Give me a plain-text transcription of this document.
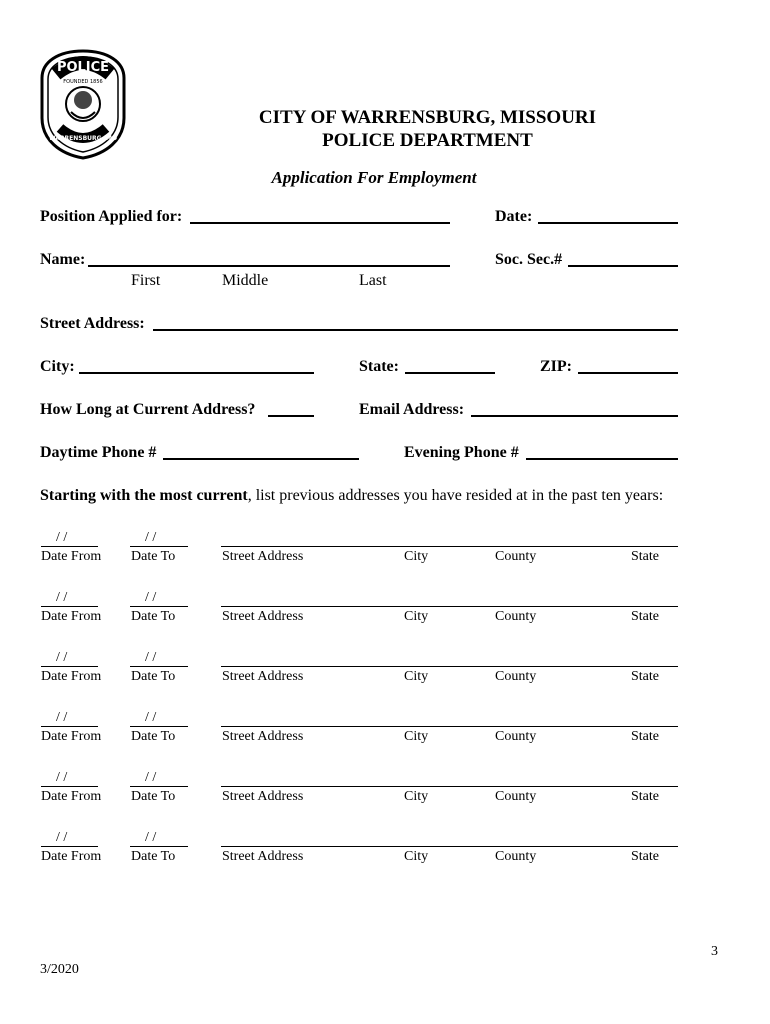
POLICE
FOUNDED 1856
WARRENSBURG, MO
CITY OF WARRENSBURG, MISSOURI
POLICE DEPARTMENT
Application For Employment
Position Applied for:	Date:
Name:	Soc. Sec.#
First	Middle	Last
Street Address:
City:	State:	ZIP:
How Long at Current Address?	Email Address:
Daytime Phone #	Evening Phone #
Starting with the most current, list previous addresses you have resided at in the past ten years:
/ /	/ /
Date From Date To	Street Address	City	County	State
/ /	/ /
Date From Date To	Street Address	City	County	State
/ /	/ /
Date From Date To	Street Address	City	County	State
/ /	/ /
Date From Date To	Street Address	City	County	State
/ /	/ /
Date From Date To	Street Address	City	County	State
/ /	/ /
Date From Date To	Street Address	City	County	State
3
3/2020
